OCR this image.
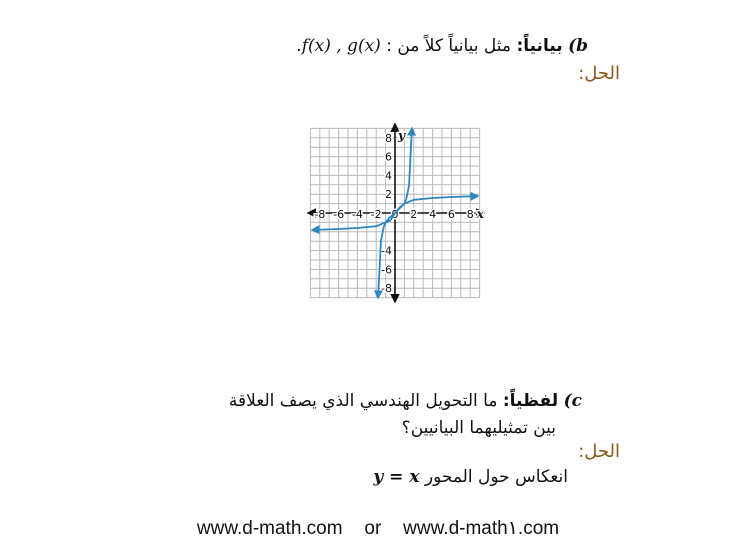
b) بيانياً: مثل بيانياً كلاً من : f(x) , g(x).
الحل:
-8 -6 -4 -2 0 2 4 6 8
8
6
4
2
-4
-6
-8
x
y
c) لفظياً: ما التحويل الهندسي الذي يصف العلاقة
بين تمثيليهما البيانيين؟
الحل:
انعكاس حول المحور y = x
www.d-math.com or www.d-math١.com
